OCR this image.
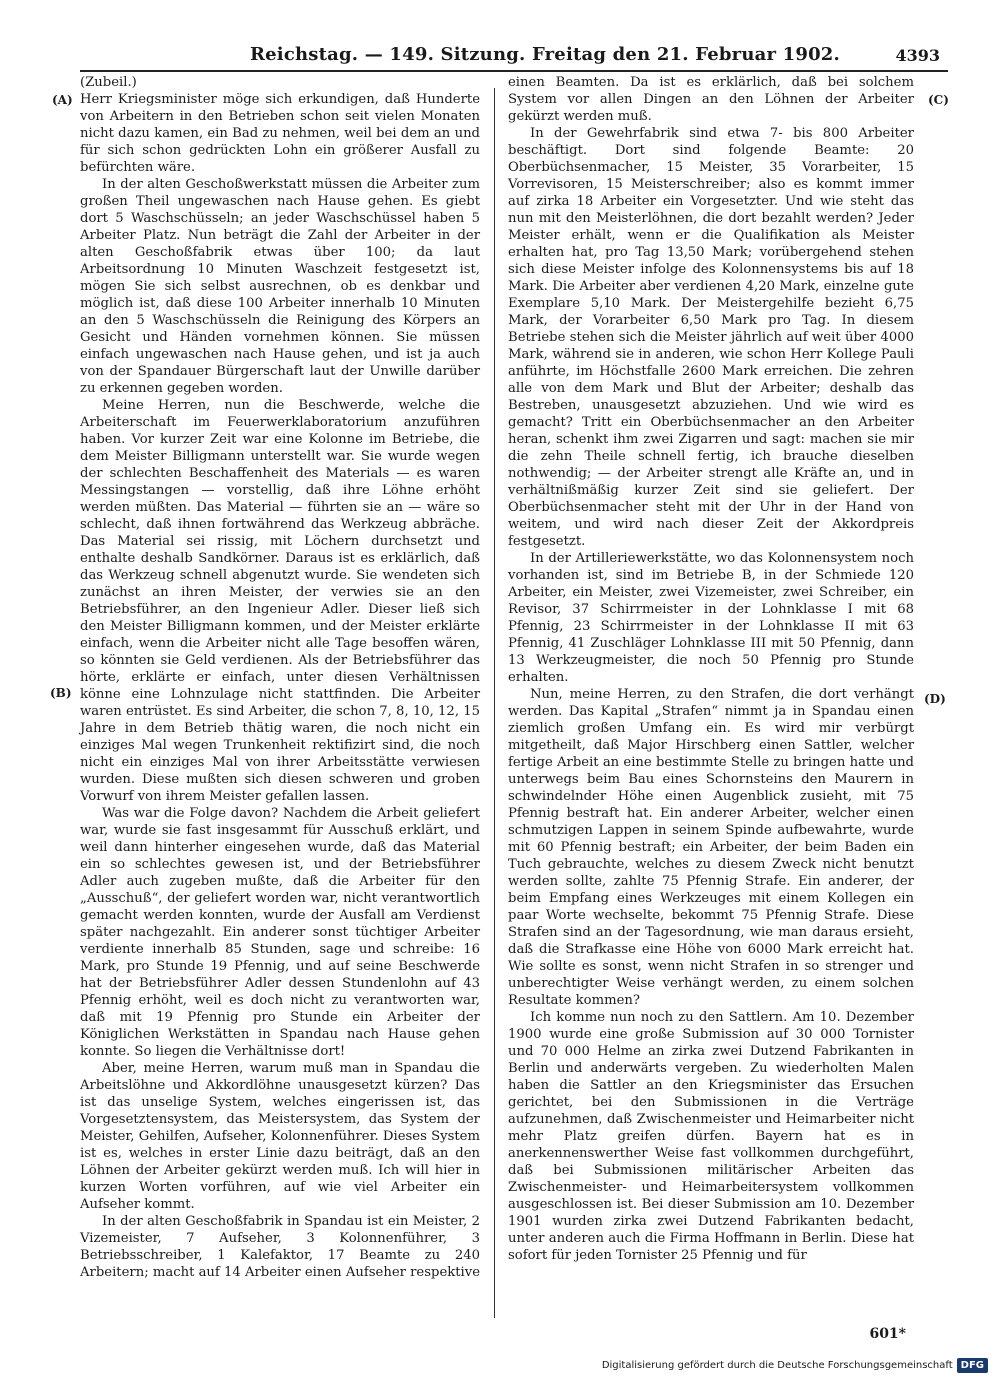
Reichstag. — 149. Sitzung. Freitag den 21. Februar 1902.	4393
(A)
(B)
(C)
(D)

(Zubeil.)

Herr Kriegsminister möge sich erkundigen, daß Hunderte von Arbeitern in den Betrieben schon seit vielen Monaten nicht dazu kamen, ein Bad zu nehmen, weil bei dem an und für sich schon gedrückten Lohn ein größerer Ausfall zu befürchten wäre.

In der alten Geschoßwerkstatt müssen die Arbeiter zum großen Theil ungewaschen nach Hause gehen. Es giebt dort 5 Waschschüsseln; an jeder Waschschüssel haben 5 Arbeiter Platz. Nun beträgt die Zahl der Arbeiter in der alten Geschoßfabrik etwas über 100; da laut Arbeitsordnung 10 Minuten Waschzeit festgesetzt ist, mögen Sie sich selbst ausrechnen, ob es denkbar und möglich ist, daß diese 100 Arbeiter innerhalb 10 Minuten an den 5 Waschschüsseln die Reinigung des Körpers an Gesicht und Händen vornehmen können. Sie müssen einfach ungewaschen nach Hause gehen, und ist ja auch von der Spandauer Bürgerschaft laut der Unwille darüber zu erkennen gegeben worden.

Meine Herren, nun die Beschwerde, welche die Arbeiterschaft im Feuerwerklaboratorium anzuführen haben. Vor kurzer Zeit war eine Kolonne im Betriebe, die dem Meister Billigmann unterstellt war. Sie wurde wegen der schlechten Beschaffenheit des Materials — es waren Messingstangen — vorstellig, daß ihre Löhne erhöht werden müßten. Das Material — führten sie an — wäre so schlecht, daß ihnen fortwährend das Werkzeug abbräche. Das Material sei rissig, mit Löchern durchsetzt und enthalte deshalb Sandkörner. Daraus ist es erklärlich, daß das Werkzeug schnell abgenutzt wurde. Sie wendeten sich zunächst an ihren Meister, der verwies sie an den Betriebsführer, an den Ingenieur Adler. Dieser ließ sich den Meister Billigmann kommen, und der Meister erklärte einfach, wenn die Arbeiter nicht alle Tage besoffen wären, so könnten sie Geld verdienen. Als der Betriebsführer das hörte, erklärte er einfach, unter diesen Verhältnissen könne eine Lohnzulage nicht stattfinden. Die Arbeiter waren entrüstet. Es sind Arbeiter, die schon 7, 8, 10, 12, 15 Jahre in dem Betrieb thätig waren, die noch nicht ein einziges Mal wegen Trunkenheit rektifizirt sind, die noch nicht ein einziges Mal von ihrer Arbeitsstätte verwiesen wurden. Diese mußten sich diesen schweren und groben Vorwurf von ihrem Meister gefallen lassen.

Was war die Folge davon? Nachdem die Arbeit geliefert war, wurde sie fast insgesammt für Ausschuß erklärt, und weil dann hinterher eingesehen wurde, daß das Material ein so schlechtes gewesen ist, und der Betriebsführer Adler auch zugeben mußte, daß die Arbeiter für den „Ausschuß“, der geliefert worden war, nicht verantwortlich gemacht werden konnten, wurde der Ausfall am Verdienst später nachgezahlt. Ein anderer sonst tüchtiger Arbeiter verdiente innerhalb 85 Stunden, sage und schreibe: 16 Mark, pro Stunde 19 Pfennig, und auf seine Beschwerde hat der Betriebsführer Adler dessen Stundenlohn auf 43 Pfennig erhöht, weil es doch nicht zu verantworten war, daß mit 19 Pfennig pro Stunde ein Arbeiter der Königlichen Werkstätten in Spandau nach Hause gehen konnte. So liegen die Verhältnisse dort!

Aber, meine Herren, warum muß man in Spandau die Arbeitslöhne und Akkordlöhne unausgesetzt kürzen? Das ist das unselige System, welches eingerissen ist, das Vorgesetztensystem, das Meistersystem, das System der Meister, Gehilfen, Aufseher, Kolonnenführer. Dieses System ist es, welches in erster Linie dazu beiträgt, daß an den Löhnen der Arbeiter gekürzt werden muß. Ich will hier in kurzen Worten vorführen, auf wie viel Arbeiter ein Aufseher kommt.

In der alten Geschoßfabrik in Spandau ist ein Meister, 2 Vizemeister, 7 Aufseher, 3 Kolonnenführer, 3 Betriebsschreiber, 1 Kalefaktor, 17 Beamte zu 240 Arbeitern; macht auf 14 Arbeiter einen Aufseher respektive

einen Beamten. Da ist es erklärlich, daß bei solchem System vor allen Dingen an den Löhnen der Arbeiter gekürzt werden muß.

In der Gewehrfabrik sind etwa 7- bis 800 Arbeiter beschäftigt. Dort sind folgende Beamte: 20 Oberbüchsenmacher, 15 Meister, 35 Vorarbeiter, 15 Vorrevisoren, 15 Meisterschreiber; also es kommt immer auf zirka 18 Arbeiter ein Vorgesetzter. Und wie steht das nun mit den Meisterlöhnen, die dort bezahlt werden? Jeder Meister erhält, wenn er die Qualifikation als Meister erhalten hat, pro Tag 13,50 Mark; vorübergehend stehen sich diese Meister infolge des Kolonnensystems bis auf 18 Mark. Die Arbeiter aber verdienen 4,20 Mark, einzelne gute Exemplare 5,10 Mark. Der Meistergehilfe bezieht 6,75 Mark, der Vorarbeiter 6,50 Mark pro Tag. In diesem Betriebe stehen sich die Meister jährlich auf weit über 4000 Mark, während sie in anderen, wie schon Herr Kollege Pauli anführte, im Höchstfalle 2600 Mark erreichen. Die zehren alle von dem Mark und Blut der Arbeiter; deshalb das Bestreben, unausgesetzt abzuziehen. Und wie wird es gemacht? Tritt ein Oberbüchsenmacher an den Arbeiter heran, schenkt ihm zwei Zigarren und sagt: machen sie mir die zehn Theile schnell fertig, ich brauche dieselben nothwendig; — der Arbeiter strengt alle Kräfte an, und in verhältnißmäßig kurzer Zeit sind sie geliefert. Der Oberbüchsenmacher steht mit der Uhr in der Hand von weitem, und wird nach dieser Zeit der Akkordpreis festgesetzt.

In der Artilleriewerkstätte, wo das Kolonnensystem noch vorhanden ist, sind im Betriebe B, in der Schmiede 120 Arbeiter, ein Meister, zwei Vizemeister, zwei Schreiber, ein Revisor, 37 Schirrmeister in der Lohnklasse I mit 68 Pfennig, 23 Schirrmeister in der Lohnklasse II mit 63 Pfennig, 41 Zuschläger Lohnklasse III mit 50 Pfennig, dann 13 Werkzeugmeister, die noch 50 Pfennig pro Stunde erhalten.

Nun, meine Herren, zu den Strafen, die dort verhängt werden. Das Kapital „Strafen“ nimmt ja in Spandau einen ziemlich großen Umfang ein. Es wird mir verbürgt mitgetheilt, daß Major Hirschberg einen Sattler, welcher fertige Arbeit an eine bestimmte Stelle zu bringen hatte und unterwegs beim Bau eines Schornsteins den Maurern in schwindelnder Höhe einen Augenblick zusieht, mit 75 Pfennig bestraft hat. Ein anderer Arbeiter, welcher einen schmutzigen Lappen in seinem Spinde aufbewahrte, wurde mit 60 Pfennig bestraft; ein Arbeiter, der beim Baden ein Tuch gebrauchte, welches zu diesem Zweck nicht benutzt werden sollte, zahlte 75 Pfennig Strafe. Ein anderer, der beim Empfang eines Werkzeuges mit einem Kollegen ein paar Worte wechselte, bekommt 75 Pfennig Strafe. Diese Strafen sind an der Tagesordnung, wie man daraus ersieht, daß die Strafkasse eine Höhe von 6000 Mark erreicht hat. Wie sollte es sonst, wenn nicht Strafen in so strenger und unberechtigter Weise verhängt werden, zu einem solchen Resultate kommen?

Ich komme nun noch zu den Sattlern. Am 10. Dezember 1900 wurde eine große Submission auf 30 000 Tornister und 70 000 Helme an zirka zwei Dutzend Fabrikanten in Berlin und anderwärts vergeben. Zu wiederholten Malen haben die Sattler an den Kriegsminister das Ersuchen gerichtet, bei den Submissionen in die Verträge aufzunehmen, daß Zwischenmeister und Heimarbeiter nicht mehr Platz greifen dürfen. Bayern hat es in anerkennenswerther Weise fast vollkommen durchgeführt, daß bei Submissionen militärischer Arbeiten das Zwischenmeister- und Heimarbeitersystem vollkommen ausgeschlossen ist. Bei dieser Submission am 10. Dezember 1901 wurden zirka zwei Dutzend Fabrikanten bedacht, unter anderen auch die Firma Hoffmann in Berlin. Diese hat sofort für jeden Tornister 25 Pfennig und für

601*
Digitalisierung gefördert durch die Deutsche Forschungsgemeinschaft DFG
